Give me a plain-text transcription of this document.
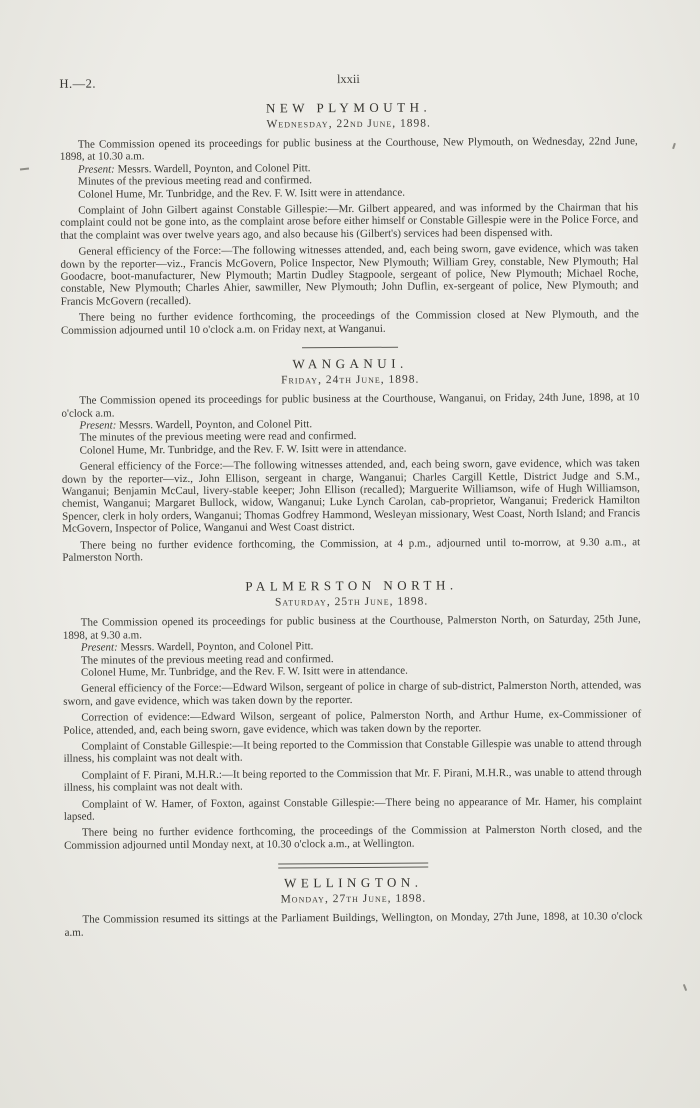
H.—2.	lxxii
NEW PLYMOUTH.
Wednesday, 22nd June, 1898.

The Commission opened its proceedings for public business at the Courthouse, New Plymouth, on Wednesday, 22nd June, 1898, at 10.30 a.m.

Present: Messrs. Wardell, Poynton, and Colonel Pitt.

Minutes of the previous meeting read and confirmed.

Colonel Hume, Mr. Tunbridge, and the Rev. F. W. Isitt were in attendance.

Complaint of John Gilbert against Constable Gillespie:—Mr. Gilbert appeared, and was informed by the Chairman that his complaint could not be gone into, as the complaint arose before either himself or Constable Gillespie were in the Police Force, and that the complaint was over twelve years ago, and also because his (Gilbert's) services had been dispensed with.

General efficiency of the Force:—The following witnesses attended, and, each being sworn, gave evidence, which was taken down by the reporter—viz., Francis McGovern, Police Inspector, New Plymouth; William Grey, constable, New Plymouth; Hal Goodacre, boot-manufacturer, New Plymouth; Martin Dudley Stagpoole, sergeant of police, New Plymouth; Michael Roche, constable, New Plymouth; Charles Ahier, sawmiller, New Plymouth; John Duflin, ex-sergeant of police, New Plymouth; and Francis McGovern (recalled).

There being no further evidence forthcoming, the proceedings of the Commission closed at New Plymouth, and the Commission adjourned until 10 o'clock a.m. on Friday next, at Wanganui.

WANGANUI.
Friday, 24th June, 1898.

The Commission opened its proceedings for public business at the Courthouse, Wanganui, on Friday, 24th June, 1898, at 10 o'clock a.m.

Present: Messrs. Wardell, Poynton, and Colonel Pitt.

The minutes of the previous meeting were read and confirmed.

Colonel Hume, Mr. Tunbridge, and the Rev. F. W. Isitt were in attendance.

General efficiency of the Force:—The following witnesses attended, and, each being sworn, gave evidence, which was taken down by the reporter—viz., John Ellison, sergeant in charge, Wanganui; Charles Cargill Kettle, District Judge and S.M., Wanganui; Benjamin McCaul, livery-stable keeper; John Ellison (recalled); Marguerite Williamson, wife of Hugh Williamson, chemist, Wanganui; Margaret Bullock, widow, Wanganui; Luke Lynch Carolan, cab-proprietor, Wanganui; Frederick Hamilton Spencer, clerk in holy orders, Wanganui; Thomas Godfrey Hammond, Wesleyan missionary, West Coast, North Island; and Francis McGovern, Inspector of Police, Wanganui and West Coast district.

There being no further evidence forthcoming, the Commission, at 4 p.m., adjourned until to-morrow, at 9.30 a.m., at Palmerston North.

PALMERSTON NORTH.
Saturday, 25th June, 1898.

The Commission opened its proceedings for public business at the Courthouse, Palmerston North, on Saturday, 25th June, 1898, at 9.30 a.m.

Present: Messrs. Wardell, Poynton, and Colonel Pitt.

The minutes of the previous meeting read and confirmed.

Colonel Hume, Mr. Tunbridge, and the Rev. F. W. Isitt were in attendance.

General efficiency of the Force:—Edward Wilson, sergeant of police in charge of sub-district, Palmerston North, attended, was sworn, and gave evidence, which was taken down by the reporter.

Correction of evidence:—Edward Wilson, sergeant of police, Palmerston North, and Arthur Hume, ex-Commissioner of Police, attended, and, each being sworn, gave evidence, which was taken down by the reporter.

Complaint of Constable Gillespie:—It being reported to the Commission that Constable Gillespie was unable to attend through illness, his complaint was not dealt with.

Complaint of F. Pirani, M.H.R.:—It being reported to the Commission that Mr. F. Pirani, M.H.R., was unable to attend through illness, his complaint was not dealt with.

Complaint of W. Hamer, of Foxton, against Constable Gillespie:—There being no appearance of Mr. Hamer, his complaint lapsed.

There being no further evidence forthcoming, the proceedings of the Commission at Palmerston North closed, and the Commission adjourned until Monday next, at 10.30 o'clock a.m., at Wellington.

WELLINGTON.
Monday, 27th June, 1898.

The Commission resumed its sittings at the Parliament Buildings, Wellington, on Monday, 27th June, 1898, at 10.30 o'clock a.m.
